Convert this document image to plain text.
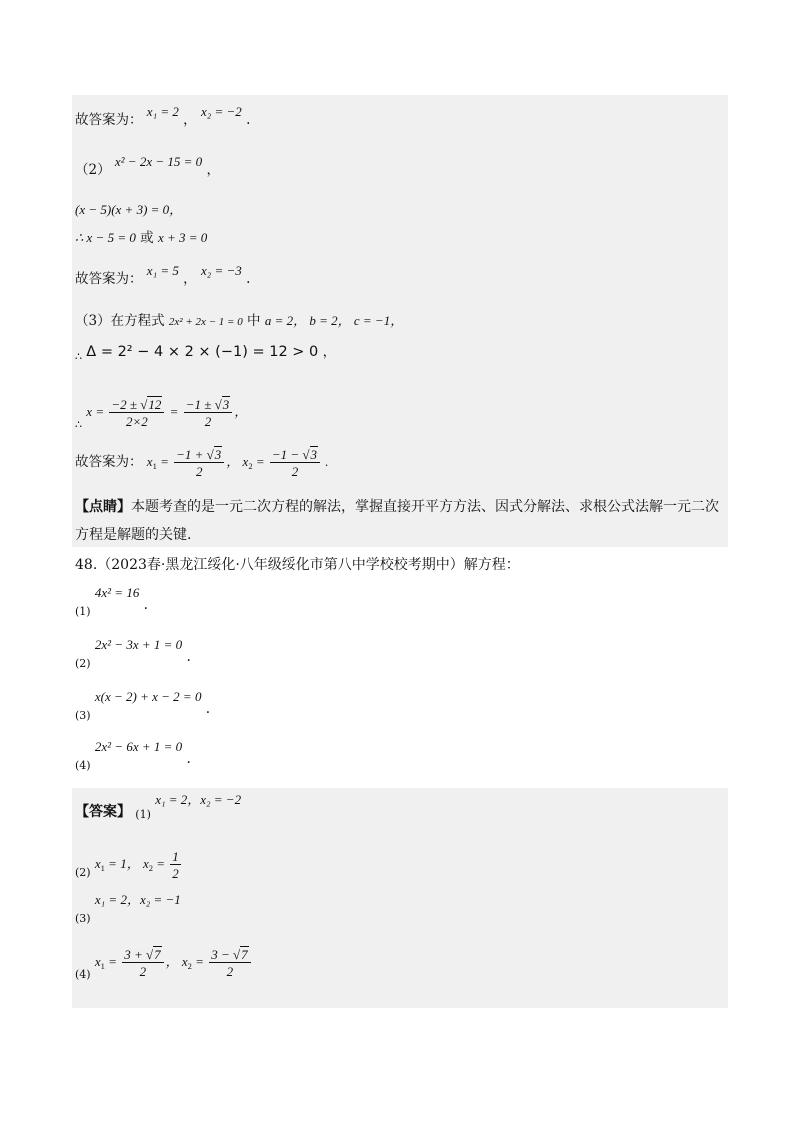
故答案为： x₁ = 2 ， x₂ = −2 .
（2） x² − 2x − 15 = 0 ，
(x − 5)(x + 3) = 0，
∴ x − 5 = 0 或 x + 3 = 0
故答案为： x₁ = 5 ， x₂ = −3 .
（3）在方程式 2x² + 2x − 1 = 0 中 a = 2， b = 2， c = −1，
$_\therefore$ Δ = 2² − 4 × 2 × (−1) = 12 > 0 ，
$_\therefore$ $x = \frac{-2 \pm √12}{2\times 2} = \frac{-1 \pm √3}{2}$ ，
故答案为： $x_1 = \frac{-1 + √3}{2}$ ， $x_2 = \frac{-1 - √3}{2}$ .
【点睛】本题考查的是一元二次方程的解法，掌握直接开平方方法、因式分解法、求根公式法解一元二次
方程是解题的关键.
48.（2023春·黑龙江绥化·八年级绥化市第八中学校校考期中）解方程：
$_{(1)}$ 4x² = 16 .
$_{(2)}$ 2x² − 3x + 1 = 0 .
$_{(3)}$ x(x − 2) + x − 2 = 0 .
$_{(4)}$ 2x² − 6x + 1 = 0 .
【答案】 (1) x₁ = 2，x₂ = −2
$_{(2)}$ $x_1 = 1$， $x_2 = \frac{1}{2}$
$_{(3)}$ x₁ = 2，x₂ = −1
$_{(4)}$ $x_1 = \frac{3 + √7}{2}$ ， $x_2 = \frac{3 - √7}{2}$
